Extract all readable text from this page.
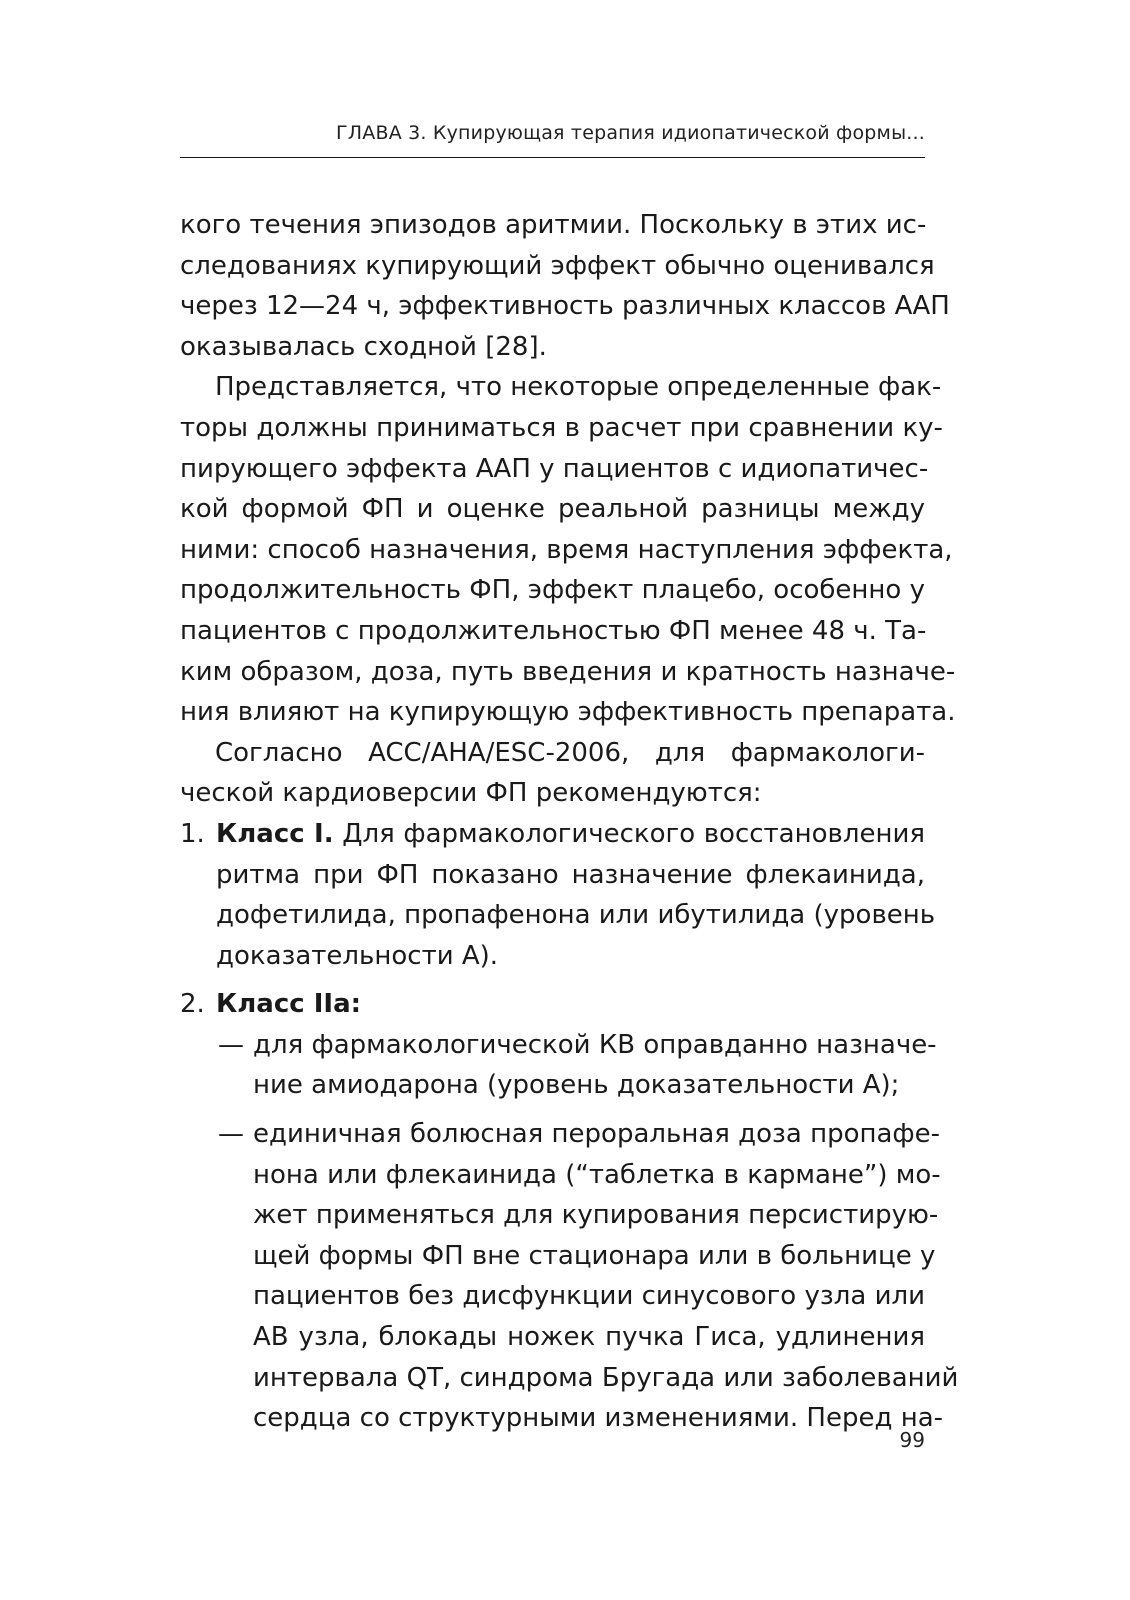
ГЛАВА 3. Купирующая терапия идиопатической формы...
кого течения эпизодов аритмии. Поскольку в этих ис-
следованиях купирующий эффект обычно оценивался
через 12—24 ч, эффективность различных классов ААП
оказывалась сходной [28].
Представляется, что некоторые определенные фак-
торы должны приниматься в расчет при сравнении ку-
пирующего эффекта ААП у пациентов с идиопатичес-
кой формой ФП и оценке реальной разницы между
ними: способ назначения, время наступления эффекта,
продолжительность ФП, эффект плацебо, особенно у
пациентов с продолжительностью ФП менее 48 ч. Та-
ким образом, доза, путь введения и кратность назначе-
ния влияют на купирующую эффективность препарата.
Согласно ACC/AHA/ESC-2006, для фармакологи-
ческой кардиоверсии ФП рекомендуются:
1. Класс I. Для фармакологического восстановления
ритма при ФП показано назначение флекаинида,
дофетилида, пропафенона или ибутилида (уровень
доказательности А).
2. Класс IIa:
— для фармакологической КВ оправданно назначе-
ние амиодарона (уровень доказательности А);
— единичная болюсная пероральная доза пропафе-
нона или флекаинида (“таблетка в кармане”) мо-
жет применяться для купирования персистирую-
щей формы ФП вне стационара или в больнице у
пациентов без дисфункции синусового узла или
АВ узла, блокады ножек пучка Гиса, удлинения
интервала QT, синдрома Бругада или заболеваний
сердца со структурными изменениями. Перед на-
99
